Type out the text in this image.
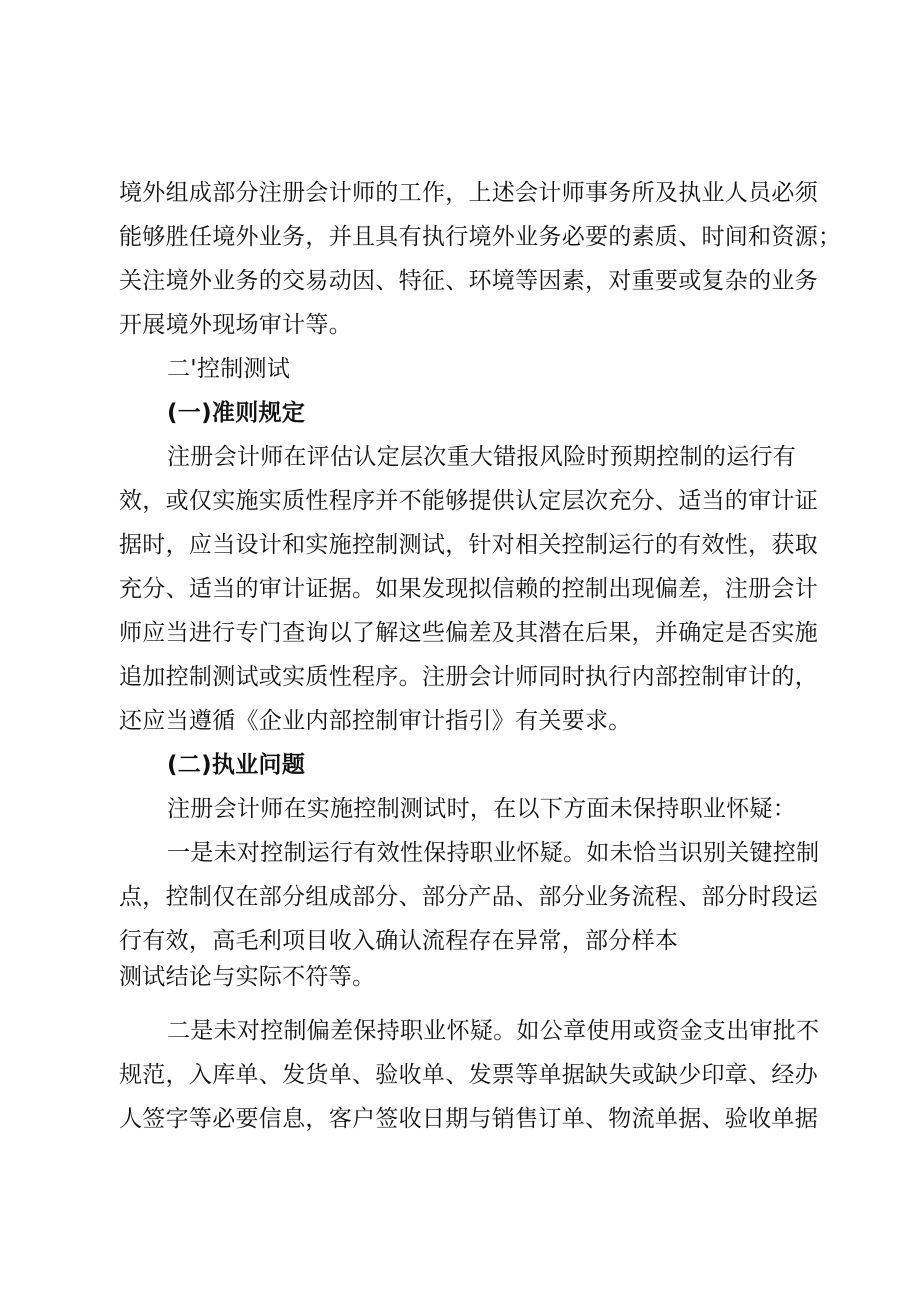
境外组成部分注册会计师的工作，上述会计师事务所及执业人员必须
能够胜任境外业务，并且具有执行境外业务必要的素质、时间和资源；
关注境外业务的交易动因、特征、环境等因素，对重要或复杂的业务
开展境外现场审计等。
二'控制测试
(一)准则规定
注册会计师在评估认定层次重大错报风险时预期控制的运行有
效，或仅实施实质性程序并不能够提供认定层次充分、适当的审计证
据时，应当设计和实施控制测试，针对相关控制运行的有效性，获取
充分、适当的审计证据。如果发现拟信赖的控制出现偏差，注册会计
师应当进行专门查询以了解这些偏差及其潜在后果，并确定是否实施
追加控制测试或实质性程序。注册会计师同时执行内部控制审计的，
还应当遵循《企业内部控制审计指引》有关要求。
(二)执业问题
注册会计师在实施控制测试时，在以下方面未保持职业怀疑：
一是未对控制运行有效性保持职业怀疑。如未恰当识别关键控制
点，控制仅在部分组成部分、部分产品、部分业务流程、部分时段运
行有效，高毛利项目收入确认流程存在异常，部分样本
测试结论与实际不符等。
二是未对控制偏差保持职业怀疑。如公章使用或资金支出审批不
规范，入库单、发货单、验收单、发票等单据缺失或缺少印章、经办
人签字等必要信息，客户签收日期与销售订单、物流单据、验收单据
